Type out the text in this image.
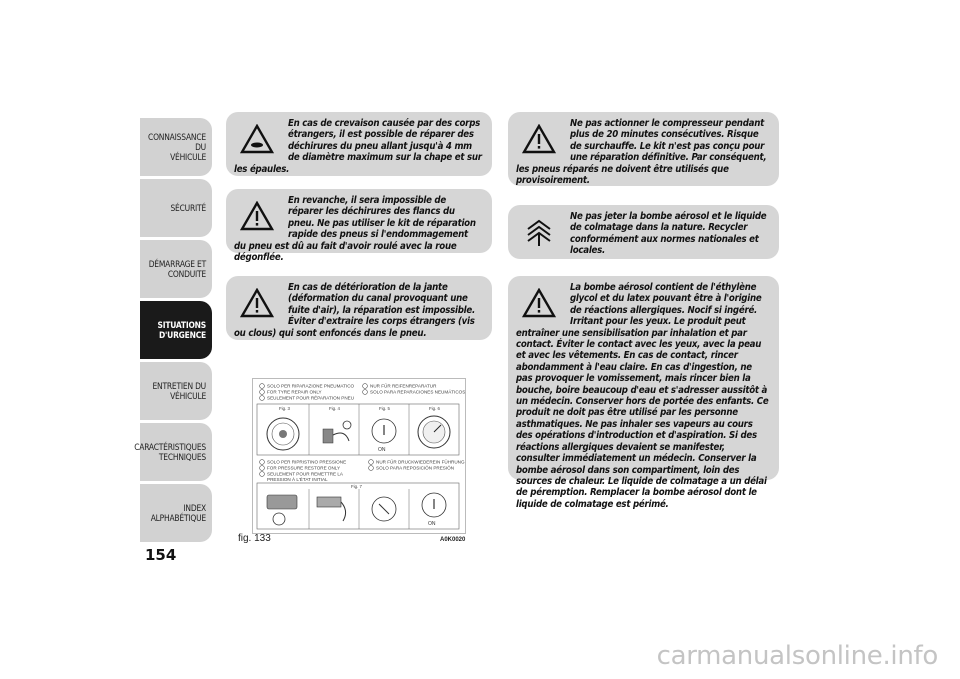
CONNAISSANCE DU
VÉHICULE
SÉCURITÉ
DÉMARRAGE ET
CONDUITE
SITUATIONS
D'URGENCE
ENTRETIEN DU
VÉHICULE
CARACTÉRISTIQUES
TECHNIQUES
INDEX
ALPHABÉTIQUE
154

En cas de crevaison causée par des corps étrangers, il est possible de réparer des déchirures du pneu allant jusqu'à 4 mm de diamètre maximum sur la chape et sur les épaules.

En revanche, il sera impossible de réparer les déchirures des flancs du pneu. Ne pas utiliser le kit de réparation rapide des pneus si l'endommagement du pneu est dû au fait d'avoir roulé avec la roue dégonflée.

En cas de détérioration de la jante (déformation du canal provoquant une fuite d'air), la réparation est impossible. Éviter d'extraire les corps étrangers (vis ou clous) qui sont enfoncés dans le pneu.

Ne pas actionner le compresseur pendant plus de 20 minutes consécutives. Risque de surchauffe. Le kit n'est pas conçu pour une réparation définitive. Par conséquent, les pneus réparés ne doivent être utilisés que provisoirement.

Ne pas jeter la bombe aérosol et le liquide de colmatage dans la nature. Recycler conformément aux normes nationales et locales.

La bombe aérosol contient de l'éthylène glycol et du latex pouvant être à l'origine de réactions allergiques. Nocif si ingéré. Irritant pour les yeux. Le produit peut entraîner une sensibilisation par inhalation et par contact. Éviter le contact avec les yeux, avec la peau et avec les vêtements. En cas de contact, rincer abondamment à l'eau claire. En cas d'ingestion, ne pas provoquer le vomissement, mais rincer bien la bouche, boire beaucoup d'eau et s'adresser aussitôt à un médecin. Conserver hors de portée des enfants. Ce produit ne doit pas être utilisé par les personne asthmatiques. Ne pas inhaler ses vapeurs au cours des opérations d'introduction et d'aspiration. Si des réactions allergiques devaient se manifester, consulter immédiatement un médecin. Conserver la bombe aérosol dans son compartiment, loin des sources de chaleur. Le liquide de colmatage a un délai de péremption. Remplacer la bombe aérosol dont le liquide de colmatage est périmé.

SOLO PER RIPARAZIONE PNEUMATICO
FOR TYRE REPAIR ONLY
SEULEMENT POUR RÉPARATION PNEU
NUR FÜR REIFENREPARATUR
SOLO PARA REPARACIONES NEUMÁTICOS
Fig. 3	Fig. 4	Fig. 5	Fig. 6
ON
SOLO PER RIPRISTINO PRESSIONE
FOR PRESSURE RESTORE ONLY
SEULEMENT POUR REMETTRE LA
PRESSION À L'ÉTAT INITIAL
NUR FÜR DRUCKWIEDEREIN FÜHRUNG
SOLO PARA REPOSICIÓN PRESIÓN
Fig. 7
ON
fig. 133	A0K0020
carmanualsonline.info
